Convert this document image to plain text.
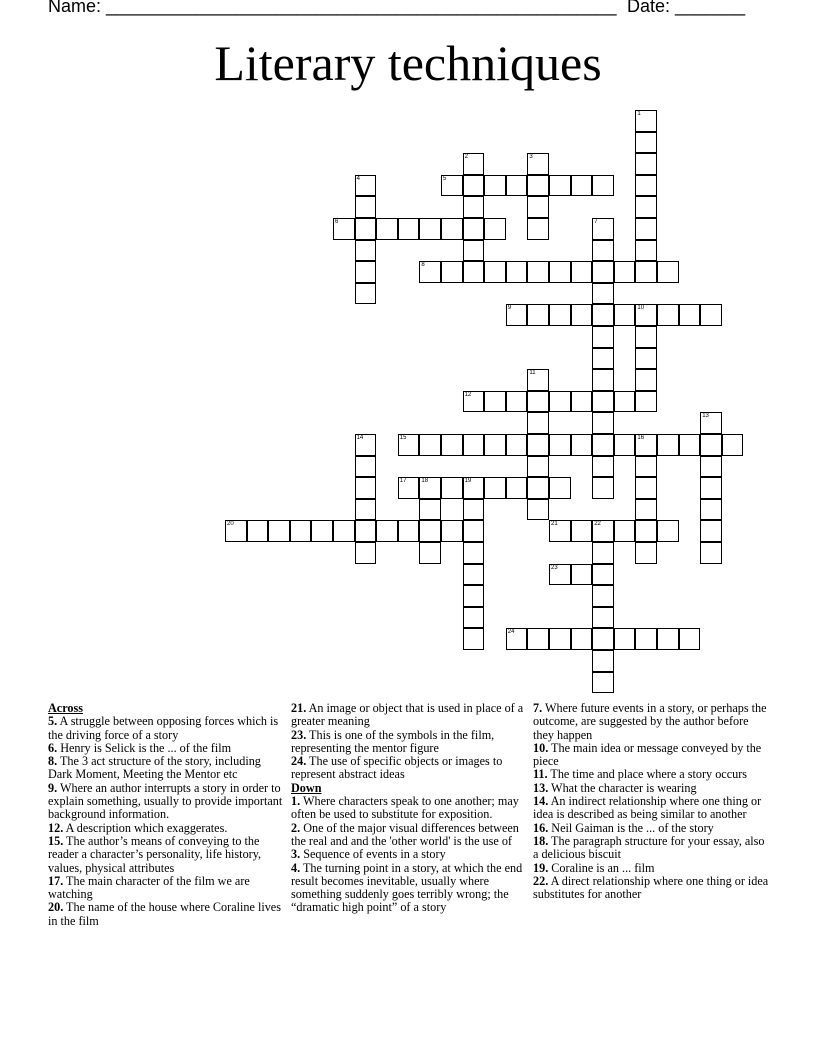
Name: ___________________________________________________ Date: _______
Literary techniques
1
2	3
4	5
6	7
8
9	10
11
12
13
14	15	16
17 18	19
20	21	22
23
24

Across

5. A struggle between opposing forces which is the driving force of a story

6. Henry is Selick is the ... of the film

8. The 3 act structure of the story, including Dark Moment, Meeting the Mentor etc

9. Where an author interrupts a story in order to explain something, usually to provide important background information.

12. A description which exaggerates.

15. The author’s means of conveying to the reader a character’s personality, life history, values, physical attributes

17. The main character of the film we are watching

20. The name of the house where Coraline lives in the film

21. An image or object that is used in place of a greater meaning

23. This is one of the symbols in the film, representing the mentor figure

24. The use of specific objects or images to represent abstract ideas

Down

1. Where characters speak to one another; may often be used to substitute for exposition.

2. One of the major visual differences between the real and and the 'other world' is the use of

3. Sequence of events in a story

4. The turning point in a story, at which the end result becomes inevitable, usually where something suddenly goes terribly wrong; the “dramatic high point” of a story

7. Where future events in a story, or perhaps the outcome, are suggested by the author before they happen

10. The main idea or message conveyed by the piece

11. The time and place where a story occurs

13. What the character is wearing

14. An indirect relationship where one thing or idea is described as being similar to another

16. Neil Gaiman is the ... of the story

18. The paragraph structure for your essay, also a delicious biscuit

19. Coraline is an ... film

22. A direct relationship where one thing or idea substitutes for another
